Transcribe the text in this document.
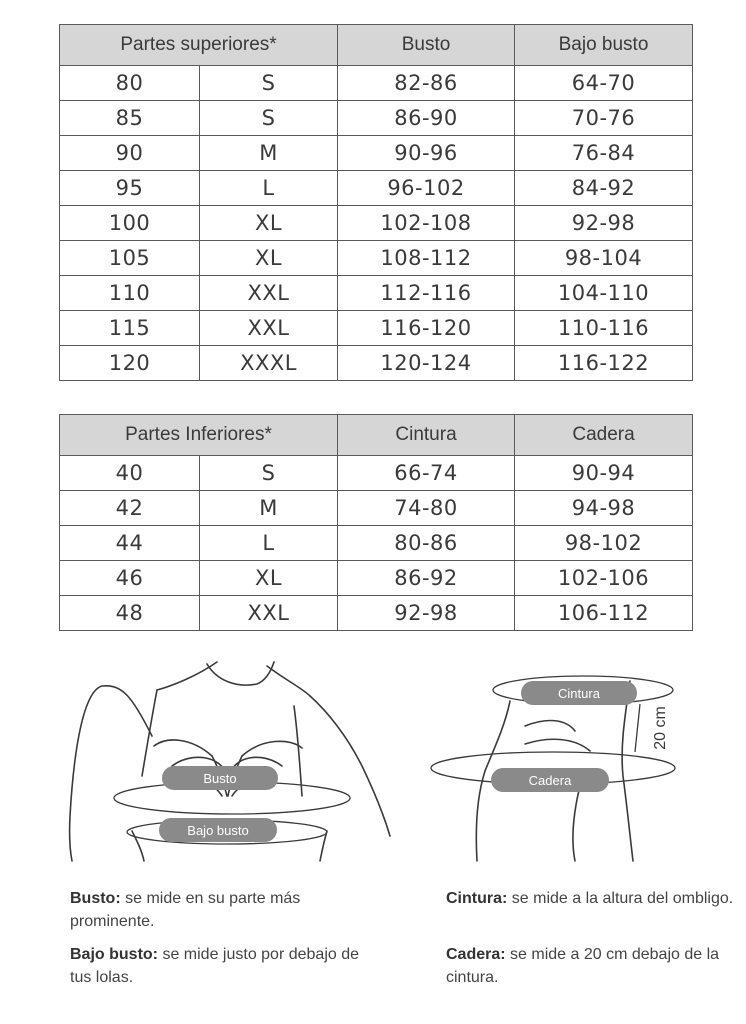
Partes superiores*		Busto	Bajo busto
80	S	82-86	64-70
85	S	86-90	70-76
90	M	90-96	76-84
95	L	96-102	84-92
100	XL	102-108	92-98
105	XL	108-112	98-104
110	XXL	112-116	104-110
115	XXL	116-120	110-116
120	XXXL	120-124	116-122
Partes Inferiores*		Cintura	Cadera
40	S	66-74	90-94
42	M	74-80	94-98
44	L	80-86	98-102
46	XL	86-92	102-106
48	XXL	92-98	106-112
Busto
Bajo busto
Cintura
Cadera
20 cm
Busto: se mide en su parte más prominente.
Bajo busto: se mide justo por debajo de tus lolas.
Cintura: se mide a la altura del ombligo.
Cadera: se mide a 20 cm debajo de la cintura.
